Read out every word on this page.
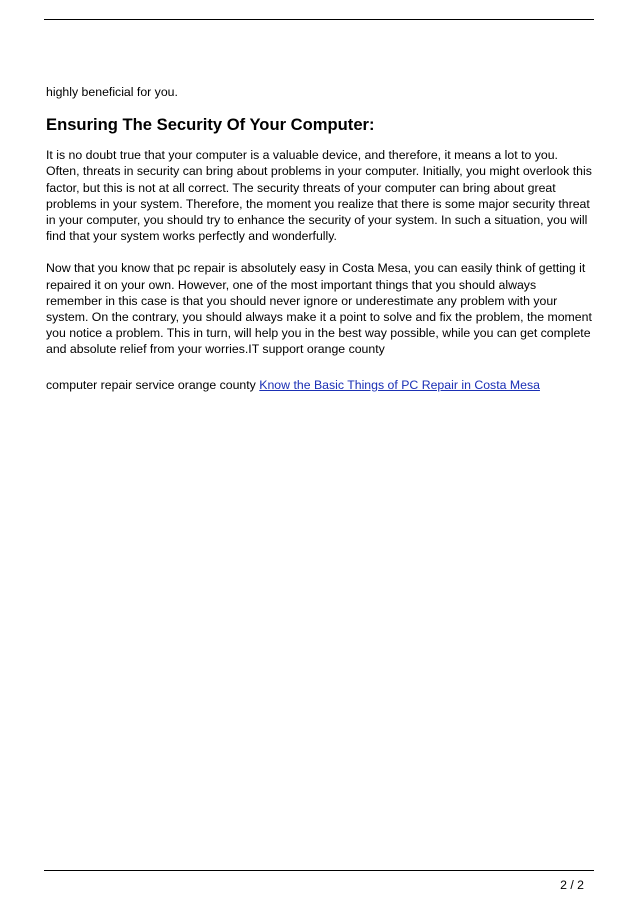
highly beneficial for you.

Ensuring The Security Of Your Computer:

It is no doubt true that your computer is a valuable device, and therefore, it means a lot to you. Often, threats in security can bring about problems in your computer. Initially, you might overlook this factor, but this is not at all correct. The security threats of your computer can bring about great problems in your system. Therefore, the moment you realize that there is some major security threat in your computer, you should try to enhance the security of your system. In such a situation, you will find that your system works perfectly and wonderfully.

Now that you know that pc repair is absolutely easy in Costa Mesa, you can easily think of getting it repaired it on your own. However, one of the most important things that you should always remember in this case is that you should never ignore or underestimate any problem with your system. On the contrary, you should always make it a point to solve and fix the problem, the moment you notice a problem. This in turn, will help you in the best way possible, while you can get complete and absolute relief from your worries.IT support orange county

computer repair service orange county Know the Basic Things of PC Repair in Costa Mesa

2 / 2
